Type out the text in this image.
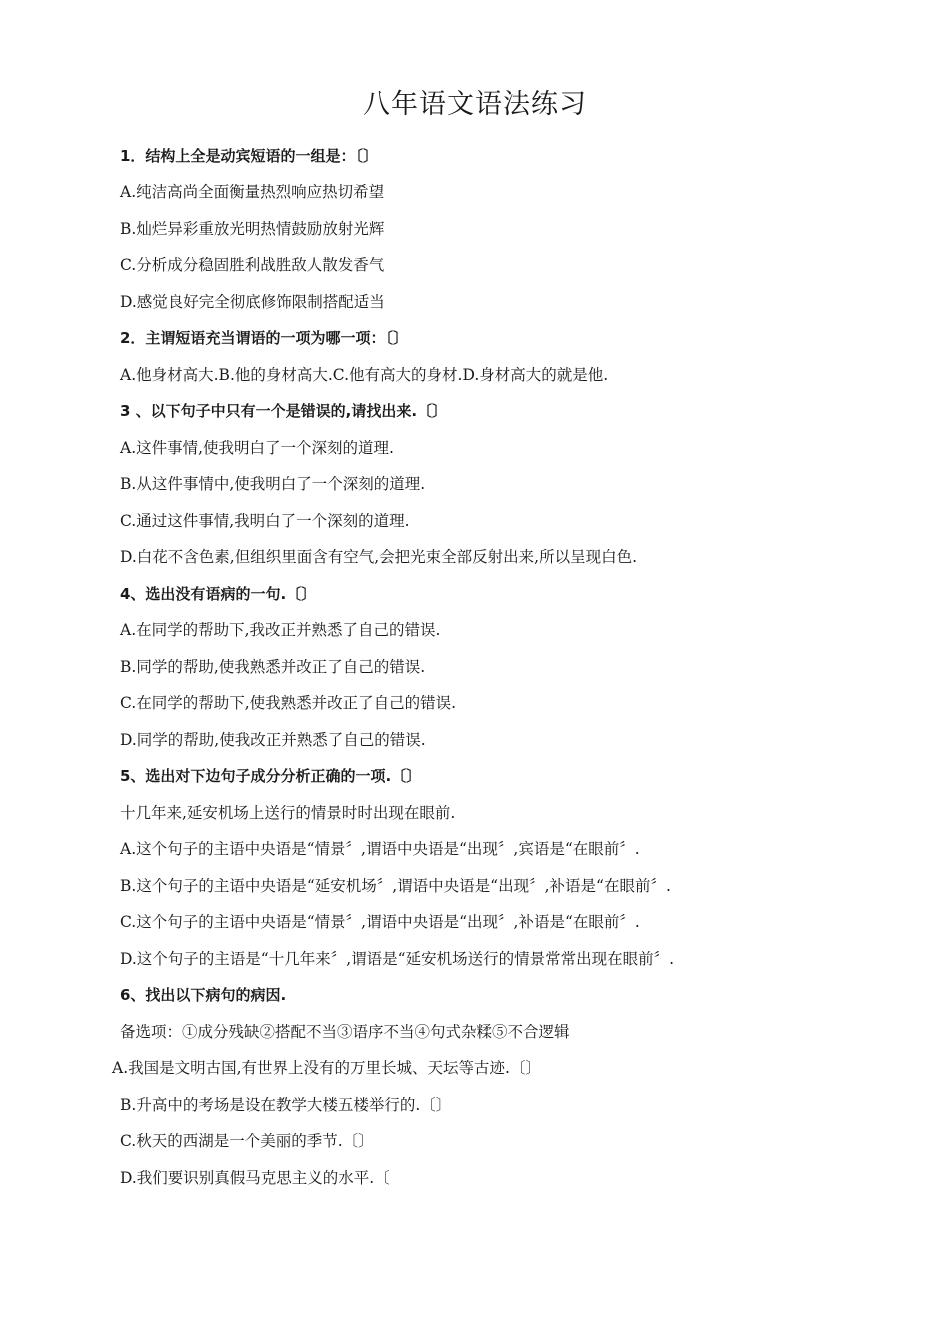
八年语文语法练习
1．结构上全是动宾短语的一组是：〔〕
A.纯洁高尚全面衡量热烈响应热切希望
B.灿烂异彩重放光明热情鼓励放射光辉
C.分析成分稳固胜利战胜敌人散发香气
D.感觉良好完全彻底修饰限制搭配适当
2．主谓短语充当谓语的一项为哪一项：〔〕
A.他身材高大.B.他的身材高大.C.他有高大的身材.D.身材高大的就是他.
3 、以下句子中只有一个是错误的,请找出来.〔〕
A.这件事情,使我明白了一个深刻的道理.
B.从这件事情中,使我明白了一个深刻的道理.
C.通过这件事情,我明白了一个深刻的道理.
D.白花不含色素,但组织里面含有空气,会把光束全部反射出来,所以呈现白色.
4、选出没有语病的一句.〔〕
A.在同学的帮助下,我改正并熟悉了自己的错误.
B.同学的帮助,使我熟悉并改正了自己的错误.
C.在同学的帮助下,使我熟悉并改正了自己的错误.
D.同学的帮助,使我改正并熟悉了自己的错误.
5、选出对下边句子成分分析正确的一项.〔〕
十几年来,延安机场上送行的情景时时出现在眼前.
A.这个句子的主语中央语是“情景〞,谓语中央语是“出现〞,宾语是“在眼前〞.
B.这个句子的主语中央语是“延安机场〞,谓语中央语是“出现〞,补语是“在眼前〞.
C.这个句子的主语中央语是“情景〞,谓语中央语是“出现〞,补语是“在眼前〞.
D.这个句子的主语是“十几年来〞,谓语是“延安机场送行的情景常常出现在眼前〞.
6、找出以下病句的病因.
备选项：①成分残缺②搭配不当③语序不当④句式杂糅⑤不合逻辑
A.我国是文明古国,有世界上没有的万里长城、天坛等古迹.〔〕
B.升高中的考场是设在教学大楼五楼举行的.〔〕
C.秋天的西湖是一个美丽的季节.〔〕
D.我们要识别真假马克思主义的水平.〔
